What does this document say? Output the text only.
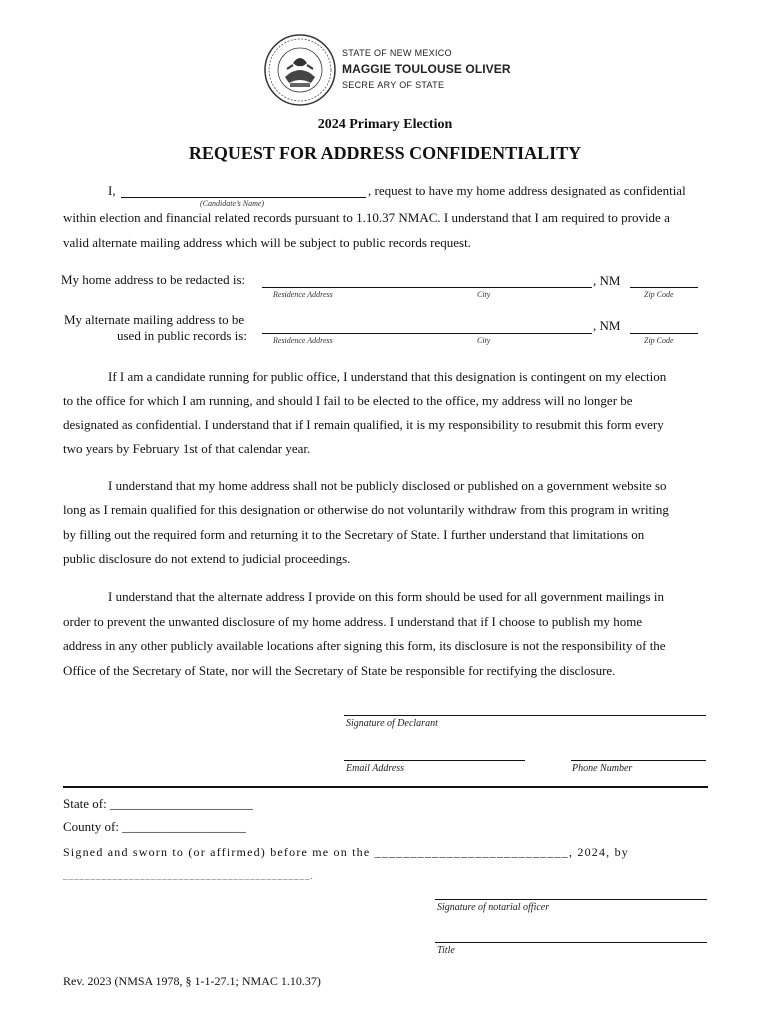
STATE OF NEW MEXICO
MAGGIE TOULOUSE OLIVER
SECRE ARY OF STATE
2024 Primary Election
REQUEST FOR ADDRESS CONFIDENTIALITY
I,
(Candidate’s Name)
, request to have my home address designated as confidential
within election and financial related records pursuant to 1.10.37 NMAC. I understand that I am required to provide a
valid alternate mailing address which will be subject to public records request.
My home address to be redacted is:	, NM
Residence Address	City	Zip Code
My alternate mailing address to be
used in public records is:
, NM
Residence Address	City	Zip Code
If I am a candidate running for public office, I understand that this designation is contingent on my election
to the office for which I am running, and should I fail to be elected to the office, my address will no longer be
designated as confidential. I understand that if I remain qualified, it is my responsibility to resubmit this form every
two years by February 1st of that calendar year.
I understand that my home address shall not be publicly disclosed or published on a government website so
long as I remain qualified for this designation or otherwise do not voluntarily withdraw from this program in writing
by filling out the required form and returning it to the Secretary of State. I further understand that limitations on
public disclosure do not extend to judicial proceedings.
I understand that the alternate address I provide on this form should be used for all government mailings in
order to prevent the unwanted disclosure of my home address. I understand that if I choose to publish my home
address in any other publicly available locations after signing this form, its disclosure is not the responsibility of the
Office of the Secretary of State, nor will the Secretary of State be responsible for rectifying the disclosure.
Signature of Declarant
Email Address	Phone Number
State of: ______________________
County of: ___________________
Signed and sworn to (or affirmed) before me on the ___________________________, 2024, by
_____________________________________________.
Signature of notarial officer
Title
Rev. 2023 (NMSA 1978, § 1-1-27.1; NMAC 1.10.37)
